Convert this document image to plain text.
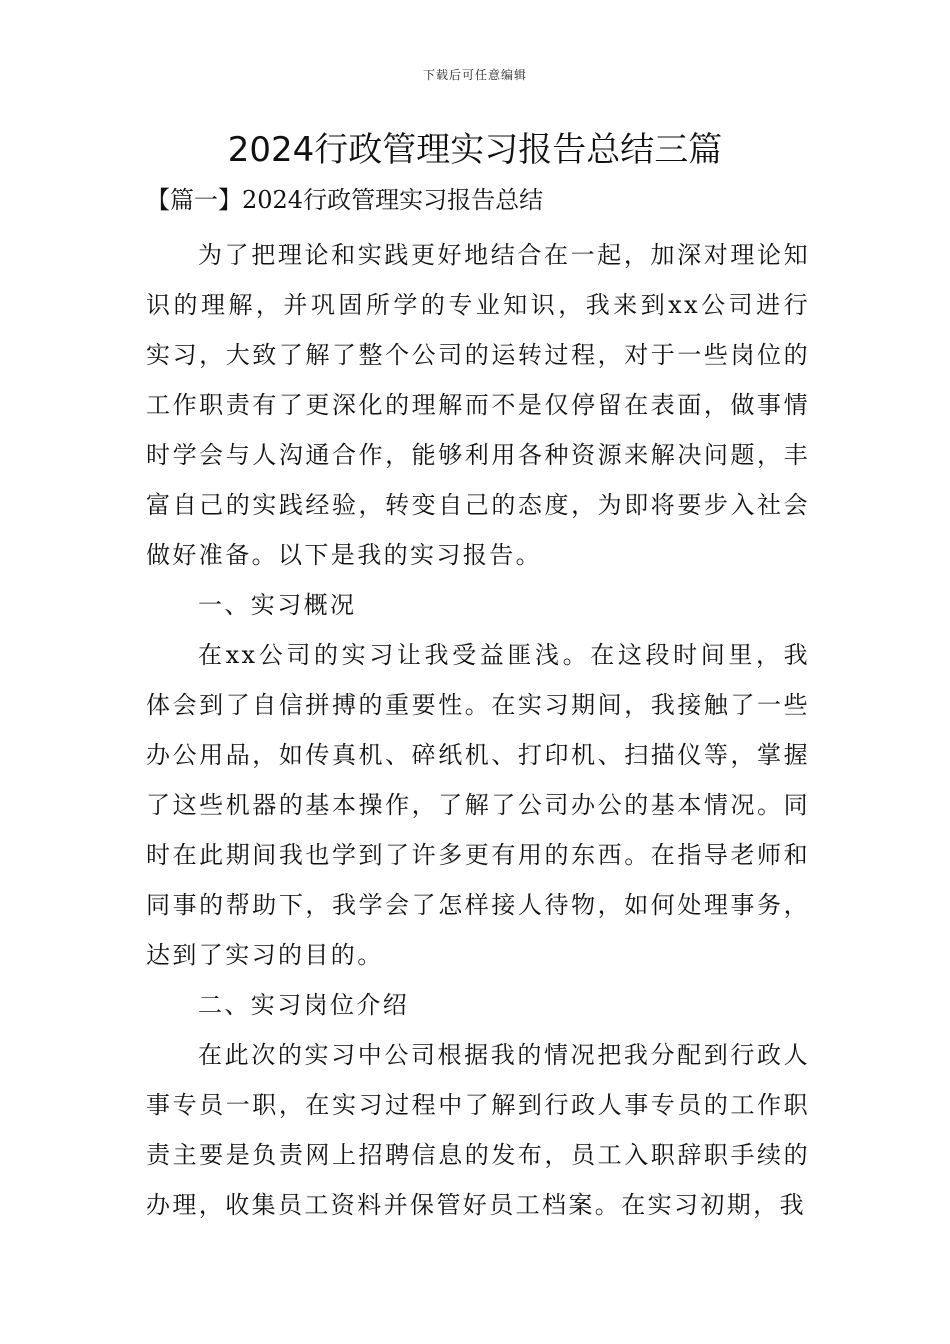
下载后可任意编辑
2024行政管理实习报告总结三篇
【篇一】2024行政管理实习报告总结

为了把理论和实践更好地结合在一起，加深对理论知识的理解，并巩固所学的专业知识，我来到xx公司进行实习，大致了解了整个公司的运转过程，对于一些岗位的工作职责有了更深化的理解而不是仅停留在表面，做事情时学会与人沟通合作，能够利用各种资源来解决问题，丰富自己的实践经验，转变自己的态度，为即将要步入社会做好准备。以下是我的实习报告。

一、实习概况

在xx公司的实习让我受益匪浅。在这段时间里，我体会到了自信拼搏的重要性。在实习期间，我接触了一些办公用品，如传真机、碎纸机、打印机、扫描仪等，掌握了这些机器的基本操作，了解了公司办公的基本情况。同时在此期间我也学到了许多更有用的东西。在指导老师和同事的帮助下，我学会了怎样接人待物，如何处理事务，达到了实习的目的。

二、实习岗位介绍

在此次的实习中公司根据我的情况把我分配到行政人事专员一职，在实习过程中了解到行政人事专员的工作职责主要是负责网上招聘信息的发布，员工入职辞职手续的办理，收集员工资料并保管好员工档案。在实习初期，我
